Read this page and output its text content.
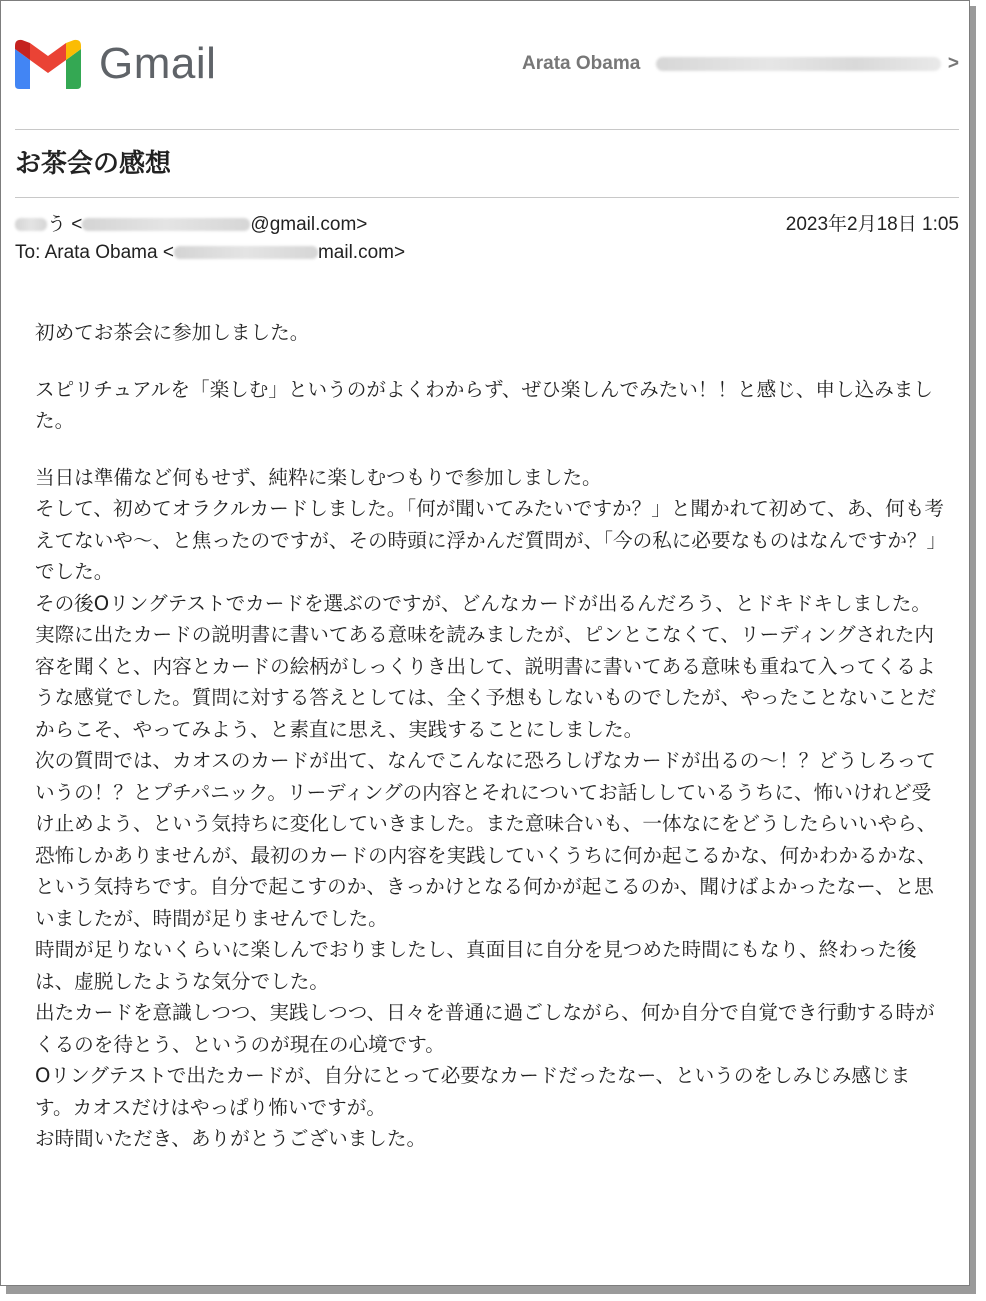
Gmail	Arata Obama	>
お茶会の感想
う <	@gmail.com>	2023年2月18日 1:05
To: Arata Obama <	mail.com>

初めてお茶会に参加しました。

スピリチュアルを「楽しむ」というのがよくわからず、ぜひ楽しんでみたい！！と感じ、申し込みました。

当日は準備など何もせず、純粋に楽しむつもりで参加しました。

そして、初めてオラクルカードしました。「何が聞いてみたいですか？」と聞かれて初めて、あ、何も考えてないや～、と焦ったのですが、その時頭に浮かんだ質問が、「今の私に必要なものはなんですか？」でした。

その後Oリングテストでカードを選ぶのですが、どんなカードが出るんだろう、とドキドキしました。

実際に出たカードの説明書に書いてある意味を読みましたが、ピンとこなくて、リーディングされた内容を聞くと、内容とカードの絵柄がしっくりき出して、説明書に書いてある意味も重ねて入ってくるような感覚でした。質問に対する答えとしては、全く予想もしないものでしたが、やったことないことだからこそ、やってみよう、と素直に思え、実践することにしました。

次の質問では、カオスのカードが出て、なんでこんなに恐ろしげなカードが出るの～！？どうしろっていうの！？とプチパニック。リーディングの内容とそれについてお話ししているうちに、怖いけれど受け止めよう、という気持ちに変化していきました。また意味合いも、一体なにをどうしたらいいやら、恐怖しかありませんが、最初のカードの内容を実践していくうちに何か起こるかな、何かわかるかな、という気持ちです。自分で起こすのか、きっかけとなる何かが起こるのか、聞けばよかったなー、と思いましたが、時間が足りませんでした。

時間が足りないくらいに楽しんでおりましたし、真面目に自分を見つめた時間にもなり、終わった後は、虚脱したような気分でした。

出たカードを意識しつつ、実践しつつ、日々を普通に過ごしながら、何か自分で自覚でき行動する時がくるのを待とう、というのが現在の心境です。

Oリングテストで出たカードが、自分にとって必要なカードだったなー、というのをしみじみ感じます。カオスだけはやっぱり怖いですが。

お時間いただき、ありがとうございました。
